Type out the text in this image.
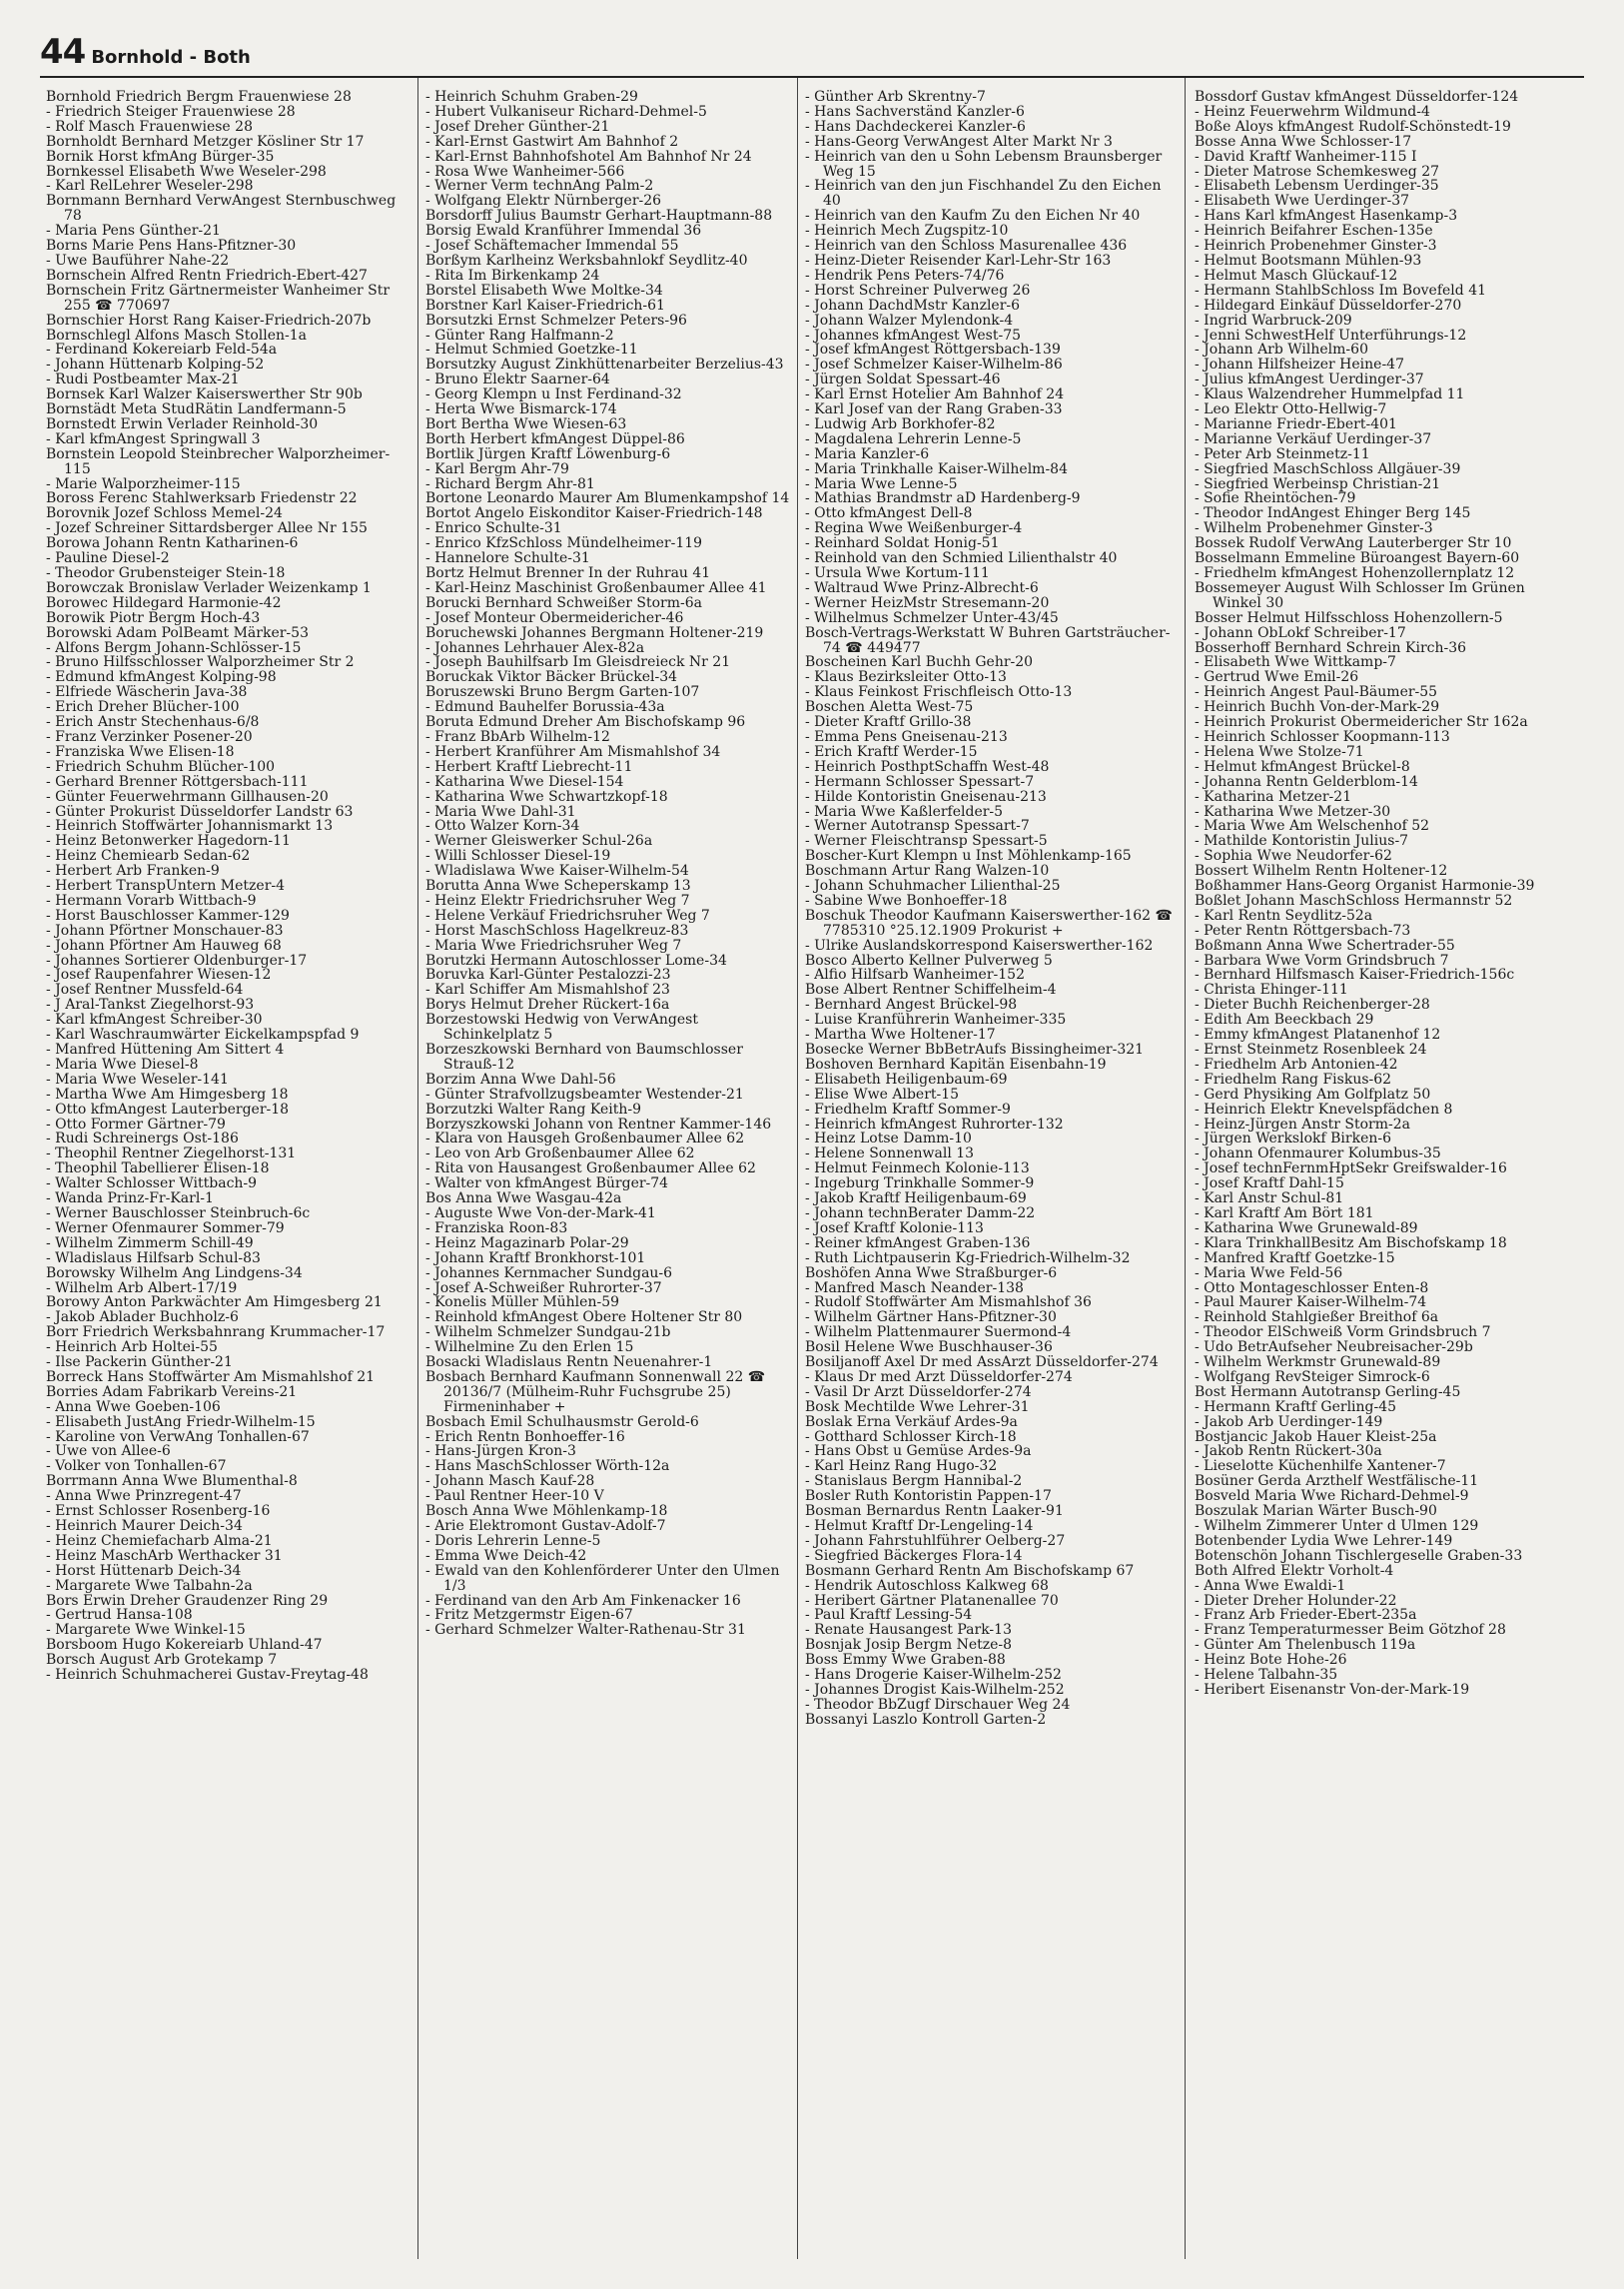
44 Bornhold - Both

Bornhold Friedrich Bergm Frauenwiese 28

- Friedrich Steiger Frauenwiese 28

- Rolf Masch Frauenwiese 28

Bornholdt Bernhard Metzger Kösliner Str 17

Bornik Horst kfmAng Bürger-35

Bornkessel Elisabeth Wwe Weseler-298

- Karl RelLehrer Weseler-298

Bornmann Bernhard VerwAngest Sternbuschweg 78

- Maria Pens Günther-21

Borns Marie Pens Hans-Pfitzner-30

- Uwe Bauführer Nahe-22

Bornschein Alfred Rentn Friedrich-Ebert-427

Bornschein Fritz Gärtnermeister Wanheimer Str 255 ☎ 770697

Bornschier Horst Rang Kaiser-Friedrich-207b

Bornschlegl Alfons Masch Stollen-1a

- Ferdinand Kokereiarb Feld-54a

- Johann Hüttenarb Kolping-52

- Rudi Postbeamter Max-21

Bornsek Karl Walzer Kaiserswerther Str 90b

Bornstädt Meta StudRätin Landfermann-5

Bornstedt Erwin Verlader Reinhold-30

- Karl kfmAngest Springwall 3

Bornstein Leopold Steinbrecher Walporzheimer-115

- Marie Walporzheimer-115

Boross Ferenc Stahlwerksarb Friedenstr 22

Borovnik Jozef Schloss Memel-24

- Jozef Schreiner Sittardsberger Allee Nr 155

Borowa Johann Rentn Katharinen-6

- Pauline Diesel-2

- Theodor Grubensteiger Stein-18

Borowczak Bronislaw Verlader Weizenkamp 1

Borowec Hildegard Harmonie-42

Borowik Piotr Bergm Hoch-43

Borowski Adam PolBeamt Märker-53

- Alfons Bergm Johann-Schlösser-15

- Bruno Hilfsschlosser Walporzheimer Str 2

- Edmund kfmAngest Kolping-98

- Elfriede Wäscherin Java-38

- Erich Dreher Blücher-100

- Erich Anstr Stechenhaus-6/8

- Franz Verzinker Posener-20

- Franziska Wwe Elisen-18

- Friedrich Schuhm Blücher-100

- Gerhard Brenner Röttgersbach-111

- Günter Feuerwehrmann Gillhausen-20

- Günter Prokurist Düsseldorfer Landstr 63

- Heinrich Stoffwärter Johannismarkt 13

- Heinz Betonwerker Hagedorn-11

- Heinz Chemiearb Sedan-62

- Herbert Arb Franken-9

- Herbert TranspUntern Metzer-4

- Hermann Vorarb Wittbach-9

- Horst Bauschlosser Kammer-129

- Johann Pförtner Monschauer-83

- Johann Pförtner Am Hauweg 68

- Johannes Sortierer Oldenburger-17

- Josef Raupenfahrer Wiesen-12

- Josef Rentner Mussfeld-64

- J Aral-Tankst Ziegelhorst-93

- Karl kfmAngest Schreiber-30

- Karl Waschraumwärter Eickelkampspfad 9

- Manfred Hüttening Am Sittert 4

- Maria Wwe Diesel-8

- Maria Wwe Weseler-141

- Martha Wwe Am Himgesberg 18

- Otto kfmAngest Lauterberger-18

- Otto Former Gärtner-79

- Rudi Schreinergs Ost-186

- Theophil Rentner Ziegelhorst-131

- Theophil Tabellierer Elisen-18

- Walter Schlosser Wittbach-9

- Wanda Prinz-Fr-Karl-1

- Werner Bauschlosser Steinbruch-6c

- Werner Ofenmaurer Sommer-79

- Wilhelm Zimmerm Schill-49

- Wladislaus Hilfsarb Schul-83

Borowsky Wilhelm Ang Lindgens-34

- Wilhelm Arb Albert-17/19

Borowy Anton Parkwächter Am Himgesberg 21

- Jakob Ablader Buchholz-6

Borr Friedrich Werksbahnrang Krummacher-17

- Heinrich Arb Holtei-55

- Ilse Packerin Günther-21

Borreck Hans Stoffwärter Am Mismahlshof 21

Borries Adam Fabrikarb Vereins-21

- Anna Wwe Goeben-106

- Elisabeth JustAng Friedr-Wilhelm-15

- Karoline von VerwAng Tonhallen-67

- Uwe von Allee-6

- Volker von Tonhallen-67

Borrmann Anna Wwe Blumenthal-8

- Anna Wwe Prinzregent-47

- Ernst Schlosser Rosenberg-16

- Heinrich Maurer Deich-34

- Heinz Chemiefacharb Alma-21

- Heinz MaschArb Werthacker 31

- Horst Hüttenarb Deich-34

- Margarete Wwe Talbahn-2a

Bors Erwin Dreher Graudenzer Ring 29

- Gertrud Hansa-108

- Margarete Wwe Winkel-15

Borsboom Hugo Kokereiarb Uhland-47

Borsch August Arb Grotekamp 7

- Heinrich Schuhmacherei Gustav-Freytag-48

- Heinrich Schuhm Graben-29

- Hubert Vulkaniseur Richard-Dehmel-5

- Josef Dreher Günther-21

- Karl-Ernst Gastwirt Am Bahnhof 2

- Karl-Ernst Bahnhofshotel Am Bahnhof Nr 24

- Rosa Wwe Wanheimer-566

- Werner Verm technAng Palm-2

- Wolfgang Elektr Nürnberger-26

Borsdorff Julius Baumstr Gerhart-Hauptmann-88

Borsig Ewald Kranführer Immendal 36

- Josef Schäftemacher Immendal 55

Borßym Karlheinz Werksbahnlokf Seydlitz-40

- Rita Im Birkenkamp 24

Borstel Elisabeth Wwe Moltke-34

Borstner Karl Kaiser-Friedrich-61

Borsutzki Ernst Schmelzer Peters-96

- Günter Rang Halfmann-2

- Helmut Schmied Goetzke-11

Borsutzky August Zinkhüttenarbeiter Berzelius-43

- Bruno Elektr Saarner-64

- Georg Klempn u Inst Ferdinand-32

- Herta Wwe Bismarck-174

Bort Bertha Wwe Wiesen-63

Borth Herbert kfmAngest Düppel-86

Bortlik Jürgen Kraftf Löwenburg-6

- Karl Bergm Ahr-79

- Richard Bergm Ahr-81

Bortone Leonardo Maurer Am Blumenkampshof 14

Bortot Angelo Eiskonditor Kaiser-Friedrich-148

- Enrico Schulte-31

- Enrico KfzSchloss Mündelheimer-119

- Hannelore Schulte-31

Bortz Helmut Brenner In der Ruhrau 41

- Karl-Heinz Maschinist Großenbaumer Allee 41

Borucki Bernhard Schweißer Storm-6a

- Josef Monteur Obermeidericher-46

Boruchewski Johannes Bergmann Holtener-219

- Johannes Lehrhauer Alex-82a

- Joseph Bauhilfsarb Im Gleisdreieck Nr 21

Boruckak Viktor Bäcker Brückel-34

Boruszewski Bruno Bergm Garten-107

- Edmund Bauhelfer Borussia-43a

Boruta Edmund Dreher Am Bischofskamp 96

- Franz BbArb Wilhelm-12

- Herbert Kranführer Am Mismahlshof 34

- Herbert Kraftf Liebrecht-11

- Katharina Wwe Diesel-154

- Katharina Wwe Schwartzkopf-18

- Maria Wwe Dahl-31

- Otto Walzer Korn-34

- Werner Gleiswerker Schul-26a

- Willi Schlosser Diesel-19

- Wladislawa Wwe Kaiser-Wilhelm-54

Borutta Anna Wwe Scheperskamp 13

- Heinz Elektr Friedrichsruher Weg 7

- Helene Verkäuf Friedrichsruher Weg 7

- Horst MaschSchloss Hagelkreuz-83

- Maria Wwe Friedrichsruher Weg 7

Borutzki Hermann Autoschlosser Lome-34

Boruvka Karl-Günter Pestalozzi-23

- Karl Schiffer Am Mismahlshof 23

Borys Helmut Dreher Rückert-16a

Borzestowski Hedwig von VerwAngest Schinkelplatz 5

Borzeszkowski Bernhard von Baumschlosser Strauß-12

Borzim Anna Wwe Dahl-56

- Günter Strafvollzugsbeamter Westender-21

Borzutzki Walter Rang Keith-9

Borzyszkowski Johann von Rentner Kammer-146

- Klara von Hausgeh Großenbaumer Allee 62

- Leo von Arb Großenbaumer Allee 62

- Rita von Hausangest Großenbaumer Allee 62

- Walter von kfmAngest Bürger-74

Bos Anna Wwe Wasgau-42a

- Auguste Wwe Von-der-Mark-41

- Franziska Roon-83

- Heinz Magazinarb Polar-29

- Johann Kraftf Bronkhorst-101

- Johannes Kernmacher Sundgau-6

- Josef A-Schweißer Ruhrorter-37

- Konelis Müller Mühlen-59

- Reinhold kfmAngest Obere Holtener Str 80

- Wilhelm Schmelzer Sundgau-21b

- Wilhelmine Zu den Erlen 15

Bosacki Wladislaus Rentn Neuenahrer-1

Bosbach Bernhard Kaufmann Sonnenwall 22 ☎ 20136/7 (Mülheim-Ruhr Fuchsgrube 25) Firmeninhaber +

Bosbach Emil Schulhausmstr Gerold-6

- Erich Rentn Bonhoeffer-16

- Hans-Jürgen Kron-3

- Hans MaschSchlosser Wörth-12a

- Johann Masch Kauf-28

- Paul Rentner Heer-10 V

Bosch Anna Wwe Möhlenkamp-18

- Arie Elektromont Gustav-Adolf-7

- Doris Lehrerin Lenne-5

- Emma Wwe Deich-42

- Ewald van den Kohlenförderer Unter den Ulmen 1/3

- Ferdinand van den Arb Am Finkenacker 16

- Fritz Metzgermstr Eigen-67

- Gerhard Schmelzer Walter-Rathenau-Str 31

- Günther Arb Skrentny-7

- Hans Sachverständ Kanzler-6

- Hans Dachdeckerei Kanzler-6

- Hans-Georg VerwAngest Alter Markt Nr 3

- Heinrich van den u Sohn Lebensm Braunsberger Weg 15

- Heinrich van den jun Fischhandel Zu den Eichen 40

- Heinrich van den Kaufm Zu den Eichen Nr 40

- Heinrich Mech Zugspitz-10

- Heinrich van den Schloss Masurenallee 436

- Heinz-Dieter Reisender Karl-Lehr-Str 163

- Hendrik Pens Peters-74/76

- Horst Schreiner Pulverweg 26

- Johann DachdMstr Kanzler-6

- Johann Walzer Mylendonk-4

- Johannes kfmAngest West-75

- Josef kfmAngest Röttgersbach-139

- Josef Schmelzer Kaiser-Wilhelm-86

- Jürgen Soldat Spessart-46

- Karl Ernst Hotelier Am Bahnhof 24

- Karl Josef van der Rang Graben-33

- Ludwig Arb Borkhofer-82

- Magdalena Lehrerin Lenne-5

- Maria Kanzler-6

- Maria Trinkhalle Kaiser-Wilhelm-84

- Maria Wwe Lenne-5

- Mathias Brandmstr aD Hardenberg-9

- Otto kfmAngest Dell-8

- Regina Wwe Weißenburger-4

- Reinhard Soldat Honig-51

- Reinhold van den Schmied Lilienthalstr 40

- Ursula Wwe Kortum-111

- Waltraud Wwe Prinz-Albrecht-6

- Werner HeizMstr Stresemann-20

- Wilhelmus Schmelzer Unter-43/45

Bosch-Vertrags-Werkstatt W Buhren Gartsträucher-74 ☎ 449477

Boscheinen Karl Buchh Gehr-20

- Klaus Bezirksleiter Otto-13

- Klaus Feinkost Frischfleisch Otto-13

Boschen Aletta West-75

- Dieter Kraftf Grillo-38

- Emma Pens Gneisenau-213

- Erich Kraftf Werder-15

- Heinrich PosthptSchaffn West-48

- Hermann Schlosser Spessart-7

- Hilde Kontoristin Gneisenau-213

- Maria Wwe Kaßlerfelder-5

- Werner Autotransp Spessart-7

- Werner Fleischtransp Spessart-5

Boscher-Kurt Klempn u Inst Möhlenkamp-165

Boschmann Artur Rang Walzen-10

- Johann Schuhmacher Lilienthal-25

- Sabine Wwe Bonhoeffer-18

Boschuk Theodor Kaufmann Kaiserswerther-162 ☎ 7785310 °25.12.1909 Prokurist +

- Ulrike Auslandskorrespond Kaiserswerther-162

Bosco Alberto Kellner Pulverweg 5

- Alfio Hilfsarb Wanheimer-152

Bose Albert Rentner Schiffelheim-4

- Bernhard Angest Brückel-98

- Luise Kranführerin Wanheimer-335

- Martha Wwe Holtener-17

Bosecke Werner BbBetrAufs Bissingheimer-321

Boshoven Bernhard Kapitän Eisenbahn-19

- Elisabeth Heiligenbaum-69

- Elise Wwe Albert-15

- Friedhelm Kraftf Sommer-9

- Heinrich kfmAngest Ruhrorter-132

- Heinz Lotse Damm-10

- Helene Sonnenwall 13

- Helmut Feinmech Kolonie-113

- Ingeburg Trinkhalle Sommer-9

- Jakob Kraftf Heiligenbaum-69

- Johann technBerater Damm-22

- Josef Kraftf Kolonie-113

- Reiner kfmAngest Graben-136

- Ruth Lichtpauserin Kg-Friedrich-Wilhelm-32

Boshöfen Anna Wwe Straßburger-6

- Manfred Masch Neander-138

- Rudolf Stoffwärter Am Mismahlshof 36

- Wilhelm Gärtner Hans-Pfitzner-30

- Wilhelm Plattenmaurer Suermond-4

Bosil Helene Wwe Buschhauser-36

Bosiljanoff Axel Dr med AssArzt Düsseldorfer-274

- Klaus Dr med Arzt Düsseldorfer-274

- Vasil Dr Arzt Düsseldorfer-274

Bosk Mechtilde Wwe Lehrer-31

Boslak Erna Verkäuf Ardes-9a

- Gotthard Schlosser Kirch-18

- Hans Obst u Gemüse Ardes-9a

- Karl Heinz Rang Hugo-32

- Stanislaus Bergm Hannibal-2

Bosler Ruth Kontoristin Pappen-17

Bosman Bernardus Rentn Laaker-91

- Helmut Kraftf Dr-Lengeling-14

- Johann Fahrstuhlführer Oelberg-27

- Siegfried Bäckerges Flora-14

Bosmann Gerhard Rentn Am Bischofskamp 67

- Hendrik Autoschloss Kalkweg 68

- Heribert Gärtner Platanenallee 70

- Paul Kraftf Lessing-54

- Renate Hausangest Park-13

Bosnjak Josip Bergm Netze-8

Boss Emmy Wwe Graben-88

- Hans Drogerie Kaiser-Wilhelm-252

- Johannes Drogist Kais-Wilhelm-252

- Theodor BbZugf Dirschauer Weg 24

Bossanyi Laszlo Kontroll Garten-2

Bossdorf Gustav kfmAngest Düsseldorfer-124

- Heinz Feuerwehrm Wildmund-4

Boße Aloys kfmAngest Rudolf-Schönstedt-19

Bosse Anna Wwe Schlosser-17

- David Kraftf Wanheimer-115 I

- Dieter Matrose Schemkesweg 27

- Elisabeth Lebensm Uerdinger-35

- Elisabeth Wwe Uerdinger-37

- Hans Karl kfmAngest Hasenkamp-3

- Heinrich Beifahrer Eschen-135e

- Heinrich Probenehmer Ginster-3

- Helmut Bootsmann Mühlen-93

- Helmut Masch Glückauf-12

- Hermann StahlbSchloss Im Bovefeld 41

- Hildegard Einkäuf Düsseldorfer-270

- Ingrid Warbruck-209

- Jenni SchwestHelf Unterführungs-12

- Johann Arb Wilhelm-60

- Johann Hilfsheizer Heine-47

- Julius kfmAngest Uerdinger-37

- Klaus Walzendreher Hummelpfad 11

- Leo Elektr Otto-Hellwig-7

- Marianne Friedr-Ebert-401

- Marianne Verkäuf Uerdinger-37

- Peter Arb Steinmetz-11

- Siegfried MaschSchloss Allgäuer-39

- Siegfried Werbeinsp Christian-21

- Sofie Rheintöchen-79

- Theodor IndAngest Ehinger Berg 145

- Wilhelm Probenehmer Ginster-3

Bossek Rudolf VerwAng Lauterberger Str 10

Bosselmann Emmeline Büroangest Bayern-60

- Friedhelm kfmAngest Hohenzollernplatz 12

Bossemeyer August Wilh Schlosser Im Grünen Winkel 30

Bosser Helmut Hilfsschloss Hohenzollern-5

- Johann ObLokf Schreiber-17

Bosserhoff Bernhard Schrein Kirch-36

- Elisabeth Wwe Wittkamp-7

- Gertrud Wwe Emil-26

- Heinrich Angest Paul-Bäumer-55

- Heinrich Buchh Von-der-Mark-29

- Heinrich Prokurist Obermeidericher Str 162a

- Heinrich Schlosser Koopmann-113

- Helena Wwe Stolze-71

- Helmut kfmAngest Brückel-8

- Johanna Rentn Gelderblom-14

- Katharina Metzer-21

- Katharina Wwe Metzer-30

- Maria Wwe Am Welschenhof 52

- Mathilde Kontoristin Julius-7

- Sophia Wwe Neudorfer-62

Bossert Wilhelm Rentn Holtener-12

Boßhammer Hans-Georg Organist Harmonie-39

Boßlet Johann MaschSchloss Hermannstr 52

- Karl Rentn Seydlitz-52a

- Peter Rentn Röttgersbach-73

Boßmann Anna Wwe Schertrader-55

- Barbara Wwe Vorm Grindsbruch 7

- Bernhard Hilfsmasch Kaiser-Friedrich-156c

- Christa Ehinger-111

- Dieter Buchh Reichenberger-28

- Edith Am Beeckbach 29

- Emmy kfmAngest Platanenhof 12

- Ernst Steinmetz Rosenbleek 24

- Friedhelm Arb Antonien-42

- Friedhelm Rang Fiskus-62

- Gerd Physiking Am Golfplatz 50

- Heinrich Elektr Knevelspfädchen 8

- Heinz-Jürgen Anstr Storm-2a

- Jürgen Werkslokf Birken-6

- Johann Ofenmaurer Kolumbus-35

- Josef technFernmHptSekr Greifswalder-16

- Josef Kraftf Dahl-15

- Karl Anstr Schul-81

- Karl Kraftf Am Bört 181

- Katharina Wwe Grunewald-89

- Klara TrinkhallBesitz Am Bischofskamp 18

- Manfred Kraftf Goetzke-15

- Maria Wwe Feld-56

- Otto Montageschlosser Enten-8

- Paul Maurer Kaiser-Wilhelm-74

- Reinhold Stahlgießer Breithof 6a

- Theodor ElSchweiß Vorm Grindsbruch 7

- Udo BetrAufseher Neubreisacher-29b

- Wilhelm Werkmstr Grunewald-89

- Wolfgang RevSteiger Simrock-6

Bost Hermann Autotransp Gerling-45

- Hermann Kraftf Gerling-45

- Jakob Arb Uerdinger-149

Bostjancic Jakob Hauer Kleist-25a

- Jakob Rentn Rückert-30a

- Lieselotte Küchenhilfe Xantener-7

Bosüner Gerda Arzthelf Westfälische-11

Bosveld Maria Wwe Richard-Dehmel-9

Boszulak Marian Wärter Busch-90

- Wilhelm Zimmerer Unter d Ulmen 129

Botenbender Lydia Wwe Lehrer-149

Botenschön Johann Tischlergeselle Graben-33

Both Alfred Elektr Vorholt-4

- Anna Wwe Ewaldi-1

- Dieter Dreher Holunder-22

- Franz Arb Frieder-Ebert-235a

- Franz Temperaturmesser Beim Götzhof 28

- Günter Am Thelenbusch 119a

- Heinz Bote Hohe-26

- Helene Talbahn-35

- Heribert Eisenanstr Von-der-Mark-19
